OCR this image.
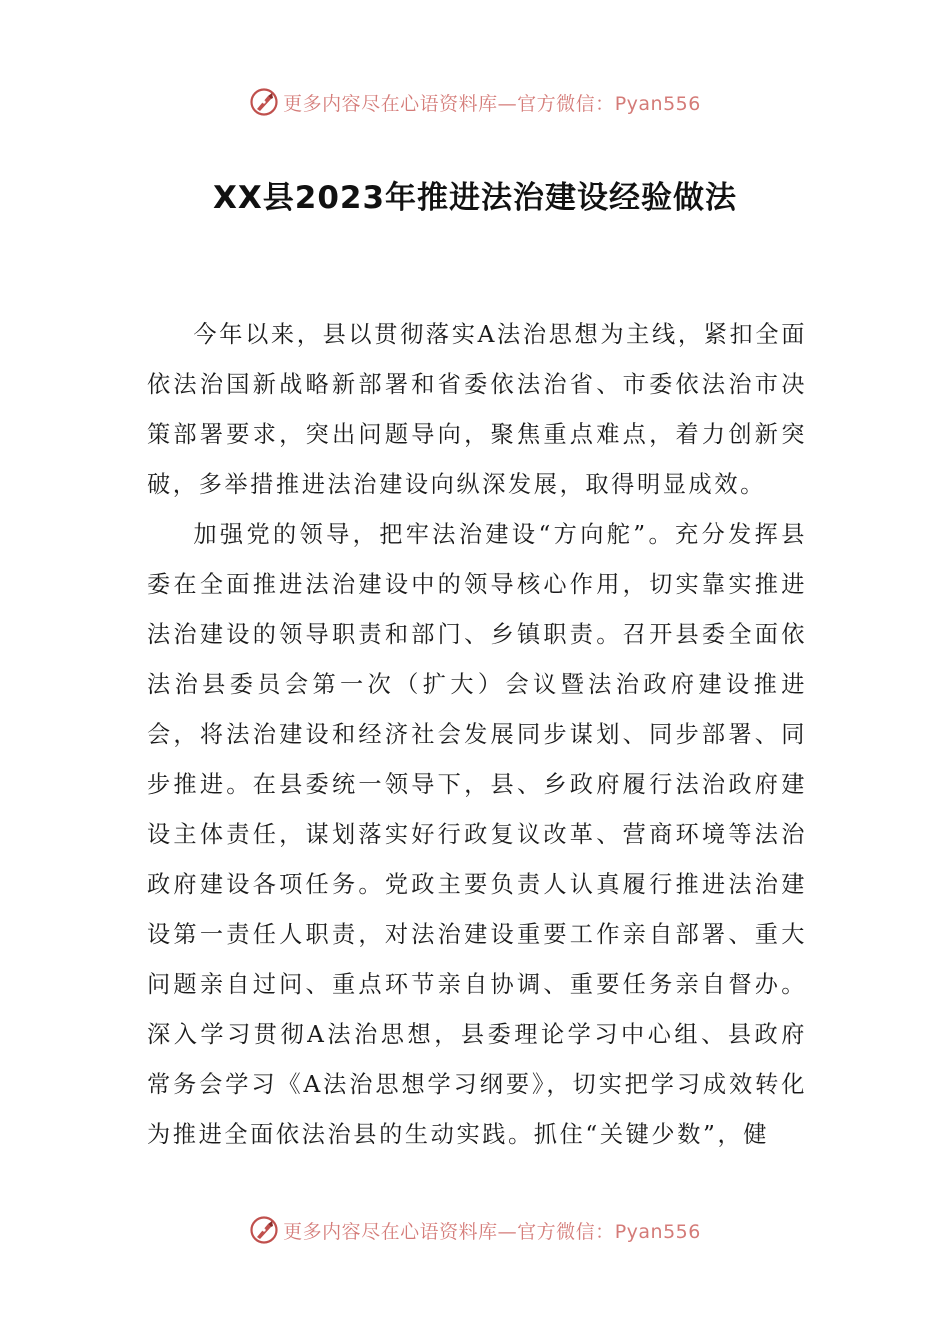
更多内容尽在心语资料库—官方微信：Pyan556
XX县2023年推进法治建设经验做法

今年以来，县以贯彻落实A法治思想为主线，紧扣全面依法治国新战略新部署和省委依法治省、市委依法治市决策部署要求，突出问题导向，聚焦重点难点，着力创新突破，多举措推进法治建设向纵深发展，取得明显成效。

加强党的领导，把牢法治建设“方向舵”。充分发挥县委在全面推进法治建设中的领导核心作用，切实靠实推进法治建设的领导职责和部门、乡镇职责。召开县委全面依法治县委员会第一次（扩大）会议暨法治政府建设推进会，将法治建设和经济社会发展同步谋划、同步部署、同步推进。在县委统一领导下，县、乡政府履行法治政府建设主体责任，谋划落实好行政复议改革、营商环境等法治政府建设各项任务。党政主要负责人认真履行推进法治建设第一责任人职责，对法治建设重要工作亲自部署、重大问题亲自过问、重点环节亲自协调、重要任务亲自督办。深入学习贯彻A法治思想，县委理论学习中心组、县政府常务会学习《A法治思想学习纲要》，切实把学习成效转化为推进全面依法治县的生动实践。抓住“关键少数”，健

更多内容尽在心语资料库—官方微信：Pyan556
